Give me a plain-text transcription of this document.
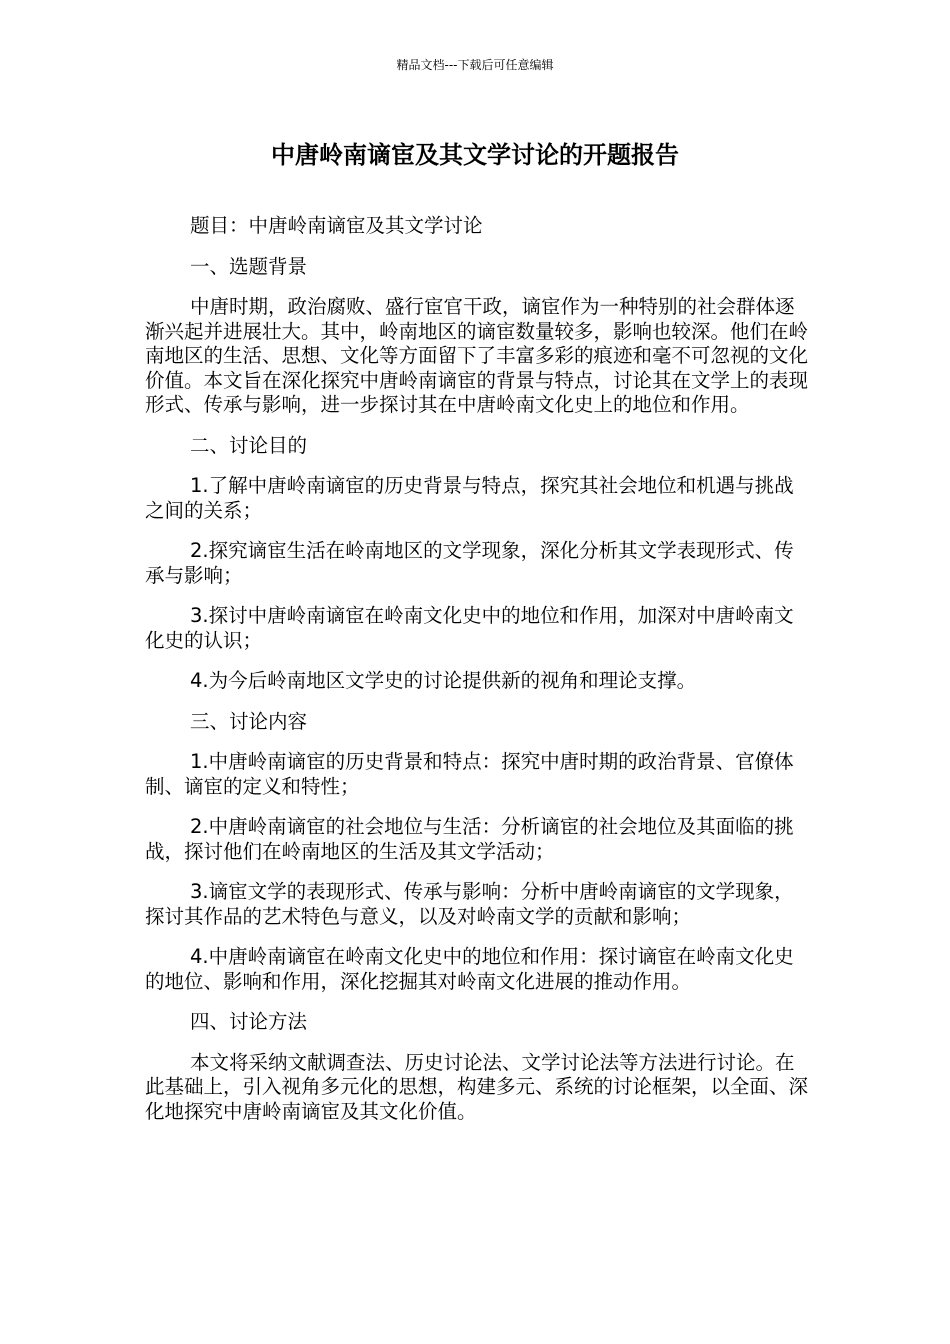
精品文档---下载后可任意编辑
中唐岭南谪宦及其文学讨论的开题报告

题目：中唐岭南谪宦及其文学讨论

一、选题背景

中唐时期，政治腐败、盛行宦官干政，谪宦作为一种特别的社会群体逐渐兴起并进展壮大。其中，岭南地区的谪宦数量较多，影响也较深。他们在岭南地区的生活、思想、文化等方面留下了丰富多彩的痕迹和毫不可忽视的文化价值。本文旨在深化探究中唐岭南谪宦的背景与特点，讨论其在文学上的表现形式、传承与影响，进一步探讨其在中唐岭南文化史上的地位和作用。

二、讨论目的

1.了解中唐岭南谪宦的历史背景与特点，探究其社会地位和机遇与挑战之间的关系；

2.探究谪宦生活在岭南地区的文学现象，深化分析其文学表现形式、传承与影响；

3.探讨中唐岭南谪宦在岭南文化史中的地位和作用，加深对中唐岭南文化史的认识；

4.为今后岭南地区文学史的讨论提供新的视角和理论支撑。

三、讨论内容

1.中唐岭南谪宦的历史背景和特点：探究中唐时期的政治背景、官僚体制、谪宦的定义和特性；

2.中唐岭南谪宦的社会地位与生活：分析谪宦的社会地位及其面临的挑战，探讨他们在岭南地区的生活及其文学活动；

3.谪宦文学的表现形式、传承与影响：分析中唐岭南谪宦的文学现象，探讨其作品的艺术特色与意义，以及对岭南文学的贡献和影响；

4.中唐岭南谪宦在岭南文化史中的地位和作用：探讨谪宦在岭南文化史的地位、影响和作用，深化挖掘其对岭南文化进展的推动作用。

四、讨论方法

本文将采纳文献调查法、历史讨论法、文学讨论法等方法进行讨论。在此基础上，引入视角多元化的思想，构建多元、系统的讨论框架，以全面、深化地探究中唐岭南谪宦及其文化价值。
